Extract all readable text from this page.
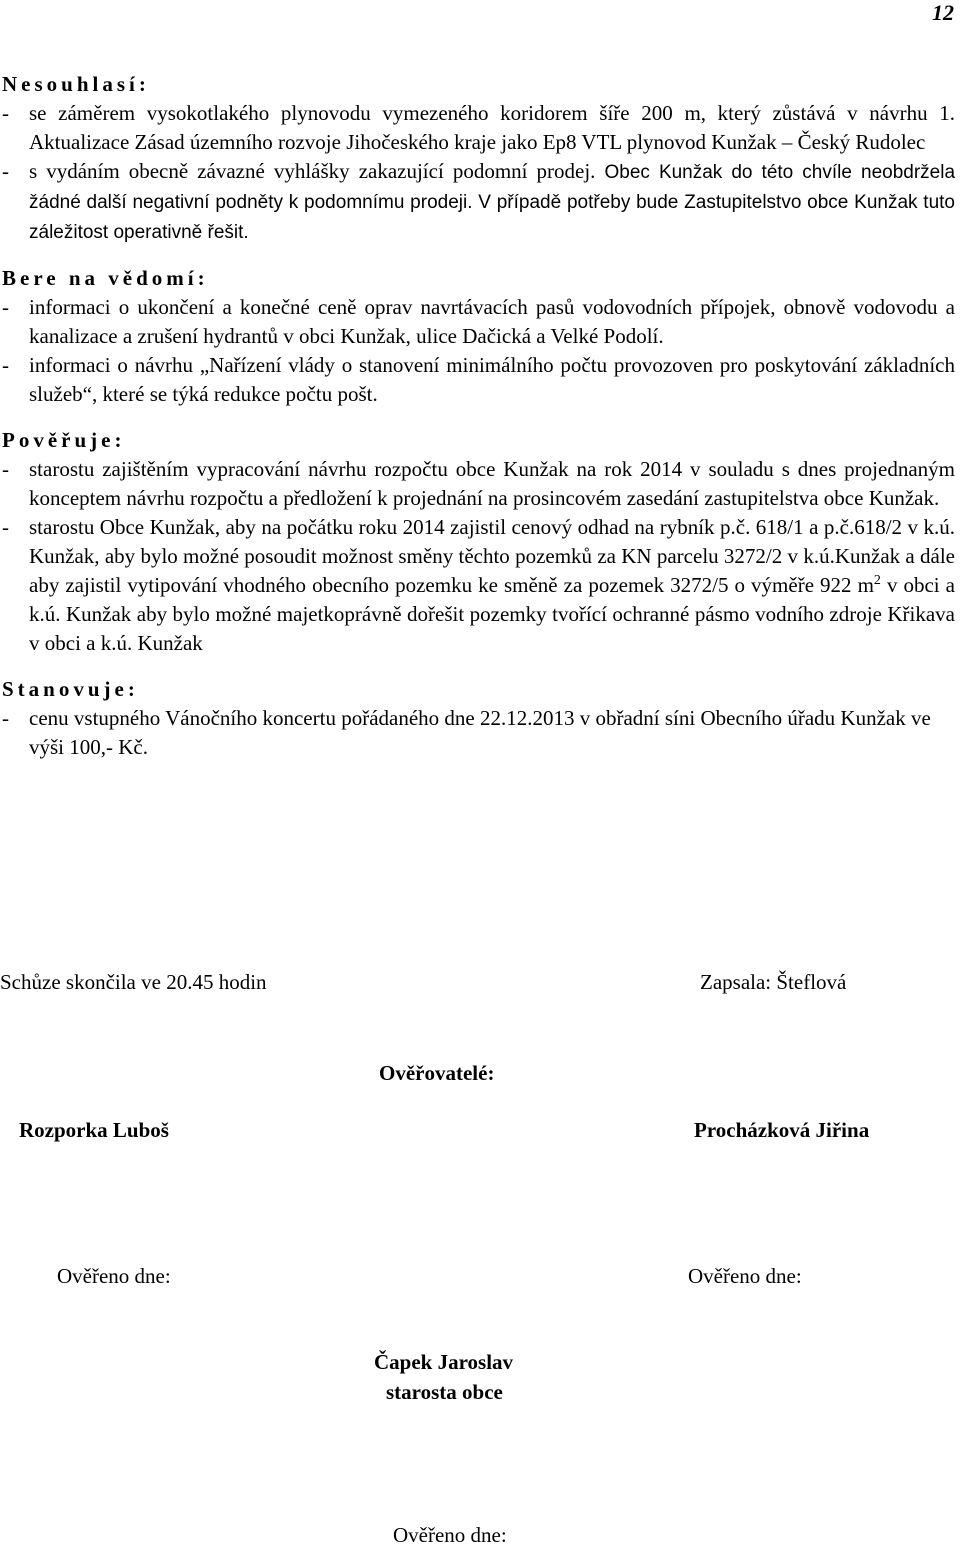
12
Nesouhlasí:
- se záměrem vysokotlakého plynovodu vymezeného koridorem šíře 200 m, který zůstává v návrhu 1. Aktualizace Zásad územního rozvoje Jihočeského kraje jako Ep8 VTL plynovod Kunžak – Český Rudolec
- s vydáním obecně závazné vyhlášky zakazující podomní prodej. Obec Kunžak do této chvíle neobdržela žádné další negativní podněty k podomnímu prodeji. V případě potřeby bude Zastupitelstvo obce Kunžak tuto záležitost operativně řešit.
Bere na vědomí:
- informaci o ukončení a konečné ceně oprav navrtávacích pasů vodovodních přípojek, obnově vodovodu a kanalizace a zrušení hydrantů v obci Kunžak, ulice Dačická a Velké Podolí.
- informaci o návrhu „Nařízení vlády o stanovení minimálního počtu provozoven pro poskytování základních služeb“, které se týká redukce počtu pošt.
Pověřuje:
- starostu zajištěním vypracování návrhu rozpočtu obce Kunžak na rok 2014 v souladu s dnes projednaným konceptem návrhu rozpočtu a předložení k projednání na prosincovém zasedání zastupitelstva obce Kunžak.
- starostu Obce Kunžak, aby na počátku roku 2014 zajistil cenový odhad na rybník p.č. 618/1 a p.č.618/2 v k.ú. Kunžak, aby bylo možné posoudit možnost směny těchto pozemků za KN parcelu 3272/2 v k.ú.Kunžak a dále aby zajistil vytipování vhodného obecního pozemku ke směně za pozemek 3272/5 o výměře 922 $m^2$ v obci a k.ú. Kunžak aby bylo možné majetkoprávně dořešit pozemky tvořící ochranné pásmo vodního zdroje Křikava v obci a k.ú. Kunžak
Stanovuje:
- cenu vstupného Vánočního koncertu pořádaného dne 22.12.2013 v obřadní síni Obecního úřadu Kunžak ve výši 100,- Kč.
Schůze skončila ve 20.45 hodin	Zapsala: Šteflová
Ověřovatelé:
Rozporka Luboš	Procházková Jiřina
Ověřeno dne:	Ověřeno dne:
Čapek Jaroslav
starosta obce
Ověřeno dne:
